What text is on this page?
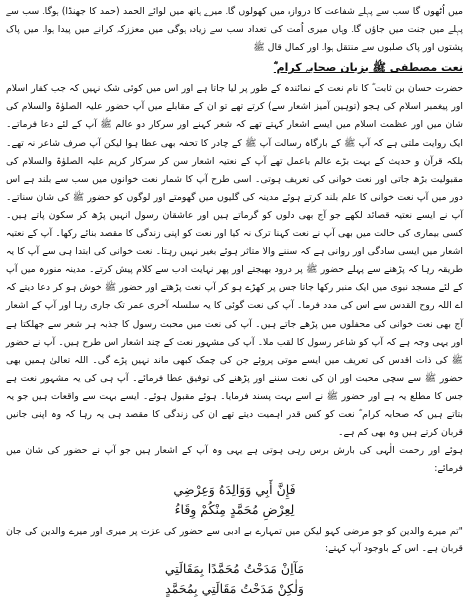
میں اُٹھوں گا سب سے پہلے شفاعت کا دروازہ میں کھولوں گا۔ میرے ہاتھ میں لوائے الحمد (حمد کا جھنڈا) ہوگا۔ سب سے پہلے میں جنت میں جاؤں گا۔ وہاں میری اُمت کی تعداد سب سے زیادہ ہوگی میں معززکہ کرانے میں پیدا ہوا۔ میں پاک پشتوں اور پاک صلبوں سے منتقل ہوا۔ اور کمال قال ﷺ

نعت مصطفی ﷺ بزبان صحابہ کرام ؓ

حضرت حسان بن ثابت ؓ کا نام نعت کے نمائندہ کے طور پر لیا جاتا ہے اور اس میں کوئی شک نہیں کہ جب کفار اسلام اور پیغمبر اسلام کی ہجو (توہین آمیز اشعار سے) کرتے تھے تو ان کے مقابلے میں آپ حضور علیہ الصلوٰۃ والسلام کی شان میں اور عظمت اسلام میں ایسے اشعار کہتے تھے کہ شعر کہنے اور سرکار دو عالم ﷺ آپ کے لئے دعا فرماتے۔ ایک روایت ملتی ہے کہ آپ ﷺ کے بارگاہ رسالت آپ ﷺ کے چادر کا تحفہ بھی عطا ہوا لیکن آپ صرف شاعر نہ تھے۔ بلکہ قرآن و حدیث کے بہت بڑے عالم باعمل تھے آپ کے نعتیہ اشعار سن کر سرکار کریم علیہ الصلوٰۃ والسلام کی مقبولیت بڑھ جاتی اور نعت خوانی کی تعریف ہوتی۔ اسی طرح آپ کا شمار نعت خوانوں میں سب سے بلند ہے اس دور میں آپ نعت خوانی کا علم بلند کرتے ہوئے مدینہ کی گلیوں میں گھومتے اور لوگوں کو حضور ﷺ کی شان سناتے۔ آپ نے ایسے نعتیہ قصائد لکھے جو آج بھی دلوں کو گرماتے ہیں اور عاشقان رسول انہیں پڑھ کر سکون پاتے ہیں۔ کسی بیماری کی حالت میں بھی آپ نے نعت کہنا ترک نہ کیا اور نعت کو اپنی زندگی کا مقصد بنائے رکھا۔ آپ کے نعتیہ اشعار میں ایسی سادگی اور روانی ہے کہ سننے والا متاثر ہوئے بغیر نہیں رہتا۔ نعت خوانی کی ابتدا ہی سے آپ کا یہ طریقہ رہا کہ پڑھنے سے پہلے حضور ﷺ پر درود بھیجتے اور پھر نہایت ادب سے کلام پیش کرتے۔ مدینہ منورہ میں آپ کے لئے مسجد نبوی میں ایک منبر رکھا جاتا جس پر کھڑے ہو کر آپ نعت پڑھتے اور حضور ﷺ خوش ہو کر دعا دیتے کہ اے اللہ روح القدس سے اس کی مدد فرما۔ آپ کی نعت گوئی کا یہ سلسلہ آخری عمر تک جاری رہا اور آپ کے اشعار آج بھی نعت خوانی کی محفلوں میں پڑھے جاتے ہیں۔ آپ کی نعت میں محبت رسول کا جذبہ ہر شعر سے جھلکتا ہے اور یہی وجہ ہے کہ آپ کو شاعر رسول کا لقب ملا۔ آپ کی مشہور نعت کے چند اشعار اس طرح ہیں۔ آپ نے حضور ﷺ کی ذات اقدس کی تعریف میں ایسے موتی پروئے جن کی چمک کبھی ماند نہیں پڑے گی۔ اللہ تعالیٰ ہمیں بھی حضور ﷺ سے سچی محبت اور ان کی نعت سننے اور پڑھنے کی توفیق عطا فرمائے۔ آپ ہی کی یہ مشہور نعت ہے جس کا مطلع یہ ہے اور حضور ﷺ نے اسے بہت پسند فرمایا۔ ہوئے مقبول ہوئے۔ ایسے بہت سے واقعات ہیں جو یہ بتاتے ہیں کہ صحابہ کرام ؓ نعت کو کس قدر اہمیت دیتے تھے ان کی زندگی کا مقصد ہی یہ رہا کہ وہ اپنی جانیں قربان کرتے ہیں وہ بھی کم ہے۔

ہوئے اور رحمت الٰہی کی بارش برس رہی ہوتی ہے یہی وہ آپ کے اشعار ہیں جو آپ نے حضور کی شان میں فرمائے:

فَإِنَّ أَبِي وَوَالِدَهُ وَعِرْضِي

لِعِرْضِ مُحَمَّدٍ مِنْكُمْ وِقَاءُ

"تم میرے والدین کو جو مرضی کہو لیکن میں تمہارے بے ادبی سے حضور کی عزت پر میری اور میرے والدین کی جان قربان ہے۔ اس کے باوجود آپ کہتے:

مَآاِنْ مَدَحْتُ مُحَمَّدًا بِمَقَالَتِي

وَلٰكِنْ مَدَحْتُ مَقَالَتِي بِمُحَمَّدٍ
